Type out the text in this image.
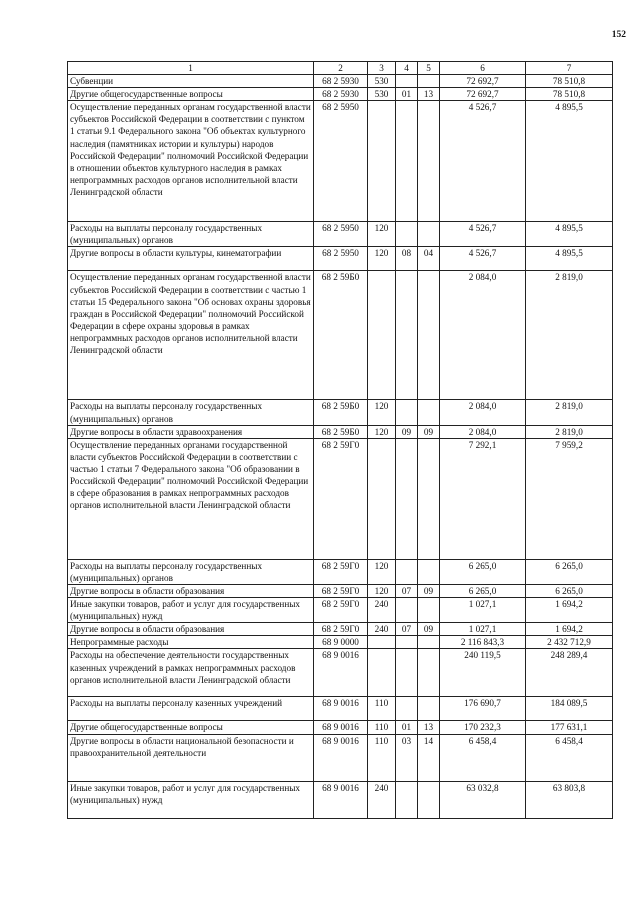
152
1	2	3	4	5	6	7
Субвенции	68 2 5930	530			72 692,7	78 510,8
Другие общегосударственные вопросы	68 2 5930	530	01	13	72 692,7	78 510,8
Осуществление переданных органам государственной власти субъектов Российской Федерации в соответствии с пунктом 1 статьи 9.1 Федерального закона "Об объектах культурного наследия (памятниках истории и культуры) народов Российской Федерации" полномочий Российской Федерации в отношении объектов культурного наследия в рамках непрограммных расходов органов исполнительной власти Ленинградской области	68 2 5950				4 526,7	4 895,5
Расходы на выплаты персоналу государственных (муниципальных) органов	68 2 5950	120			4 526,7	4 895,5
Другие вопросы в области культуры, кинематографии	68 2 5950	120	08	04	4 526,7	4 895,5
Осуществление переданных органам государственной власти субъектов Российской Федерации в соответствии с частью 1 статьи 15 Федерального закона "Об основах охраны здоровья граждан в Российской Федерации" полномочий Российской Федерации в сфере охраны здоровья в рамках непрограммных расходов органов исполнительной власти Ленинградской области	68 2 59Б0				2 084,0	2 819,0
Расходы на выплаты персоналу государственных (муниципальных) органов	68 2 59Б0	120			2 084,0	2 819,0
Другие вопросы в области здравоохранения	68 2 59Б0	120	09	09	2 084,0	2 819,0
Осуществление переданных органами государственной власти субъектов Российской Федерации в соответствии с частью 1 статьи 7 Федерального закона "Об образовании в Российской Федерации" полномочий Российской Федерации в сфере образования в рамках непрограммных расходов органов исполнительной власти Ленинградской области	68 2 59Г0				7 292,1	7 959,2
Расходы на выплаты персоналу государственных (муниципальных) органов	68 2 59Г0	120			6 265,0	6 265,0
Другие вопросы в области образования	68 2 59Г0	120	07	09	6 265,0	6 265,0
Иные закупки товаров, работ и услуг для государственных (муниципальных) нужд	68 2 59Г0	240			1 027,1	1 694,2
Другие вопросы в области образования	68 2 59Г0	240	07	09	1 027,1	1 694,2
Непрограммные расходы	68 9 0000				2 116 843,3	2 432 712,9
Расходы на обеспечение деятельности государственных казенных учреждений в рамках непрограммных расходов органов исполнительной власти Ленинградской области	68 9 0016				240 119,5	248 289,4
Расходы на выплаты персоналу казенных учреждений	68 9 0016	110			176 690,7	184 089,5
Другие общегосударственные вопросы	68 9 0016	110	01	13	170 232,3	177 631,1
Другие вопросы в области национальной безопасности и правоохранительной деятельности	68 9 0016	110	03	14	6 458,4	6 458,4
Иные закупки товаров, работ и услуг для государственных (муниципальных) нужд	68 9 0016	240			63 032,8	63 803,8
